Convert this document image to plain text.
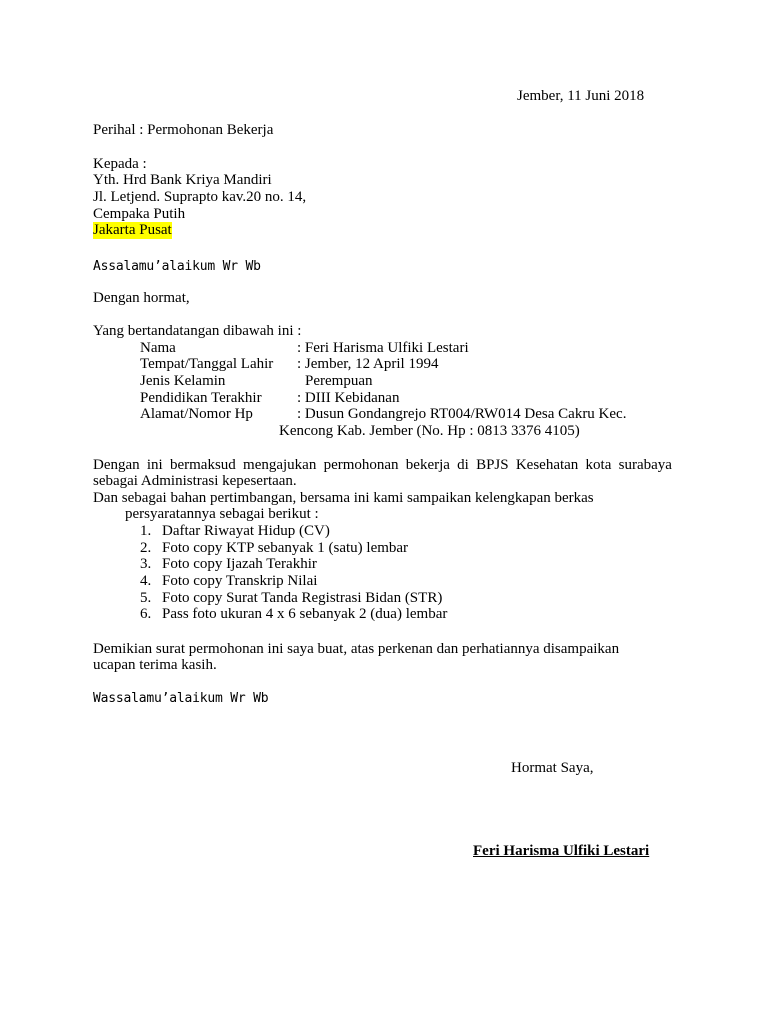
Jember, 11 Juni 2018
Perihal : Permohonan Bekerja
Kepada :
Yth. Hrd Bank Kriya Mandiri
Jl. Letjend. Suprapto kav.20 no. 14,
Cempaka Putih
Jakarta Pusat
Assalamu’alaikum Wr Wb
Dengan hormat,
Yang bertandatangan dibawah ini :
Nama	: Feri Harisma Ulfiki Lestari
Tempat/Tanggal Lahir : Jember, 12 April 1994
Jenis Kelamin	Perempuan
Pendidikan Terakhir : DIII Kebidanan
Alamat/Nomor Hp	: Dusun Gondangrejo RT004/RW014 Desa Cakru Kec.
Kencong Kab. Jember (No. Hp : 0813 3376 4105)
Dengan ini bermaksud mengajukan permohonan bekerja di BPJS Kesehatan kota surabaya
sebagai Administrasi kepesertaan.
Dan sebagai bahan pertimbangan, bersama ini kami sampaikan kelengkapan berkas
persyaratannya sebagai berikut :
1. Daftar Riwayat Hidup (CV)
2. Foto copy KTP sebanyak 1 (satu) lembar
3. Foto copy Ijazah Terakhir
4. Foto copy Transkrip Nilai
5. Foto copy Surat Tanda Registrasi Bidan (STR)
6. Pass foto ukuran 4 x 6 sebanyak 2 (dua) lembar
Demikian surat permohonan ini saya buat, atas perkenan dan perhatiannya disampaikan
ucapan terima kasih.
Wassalamu’alaikum Wr Wb
Hormat Saya,
Feri Harisma Ulfiki Lestari
